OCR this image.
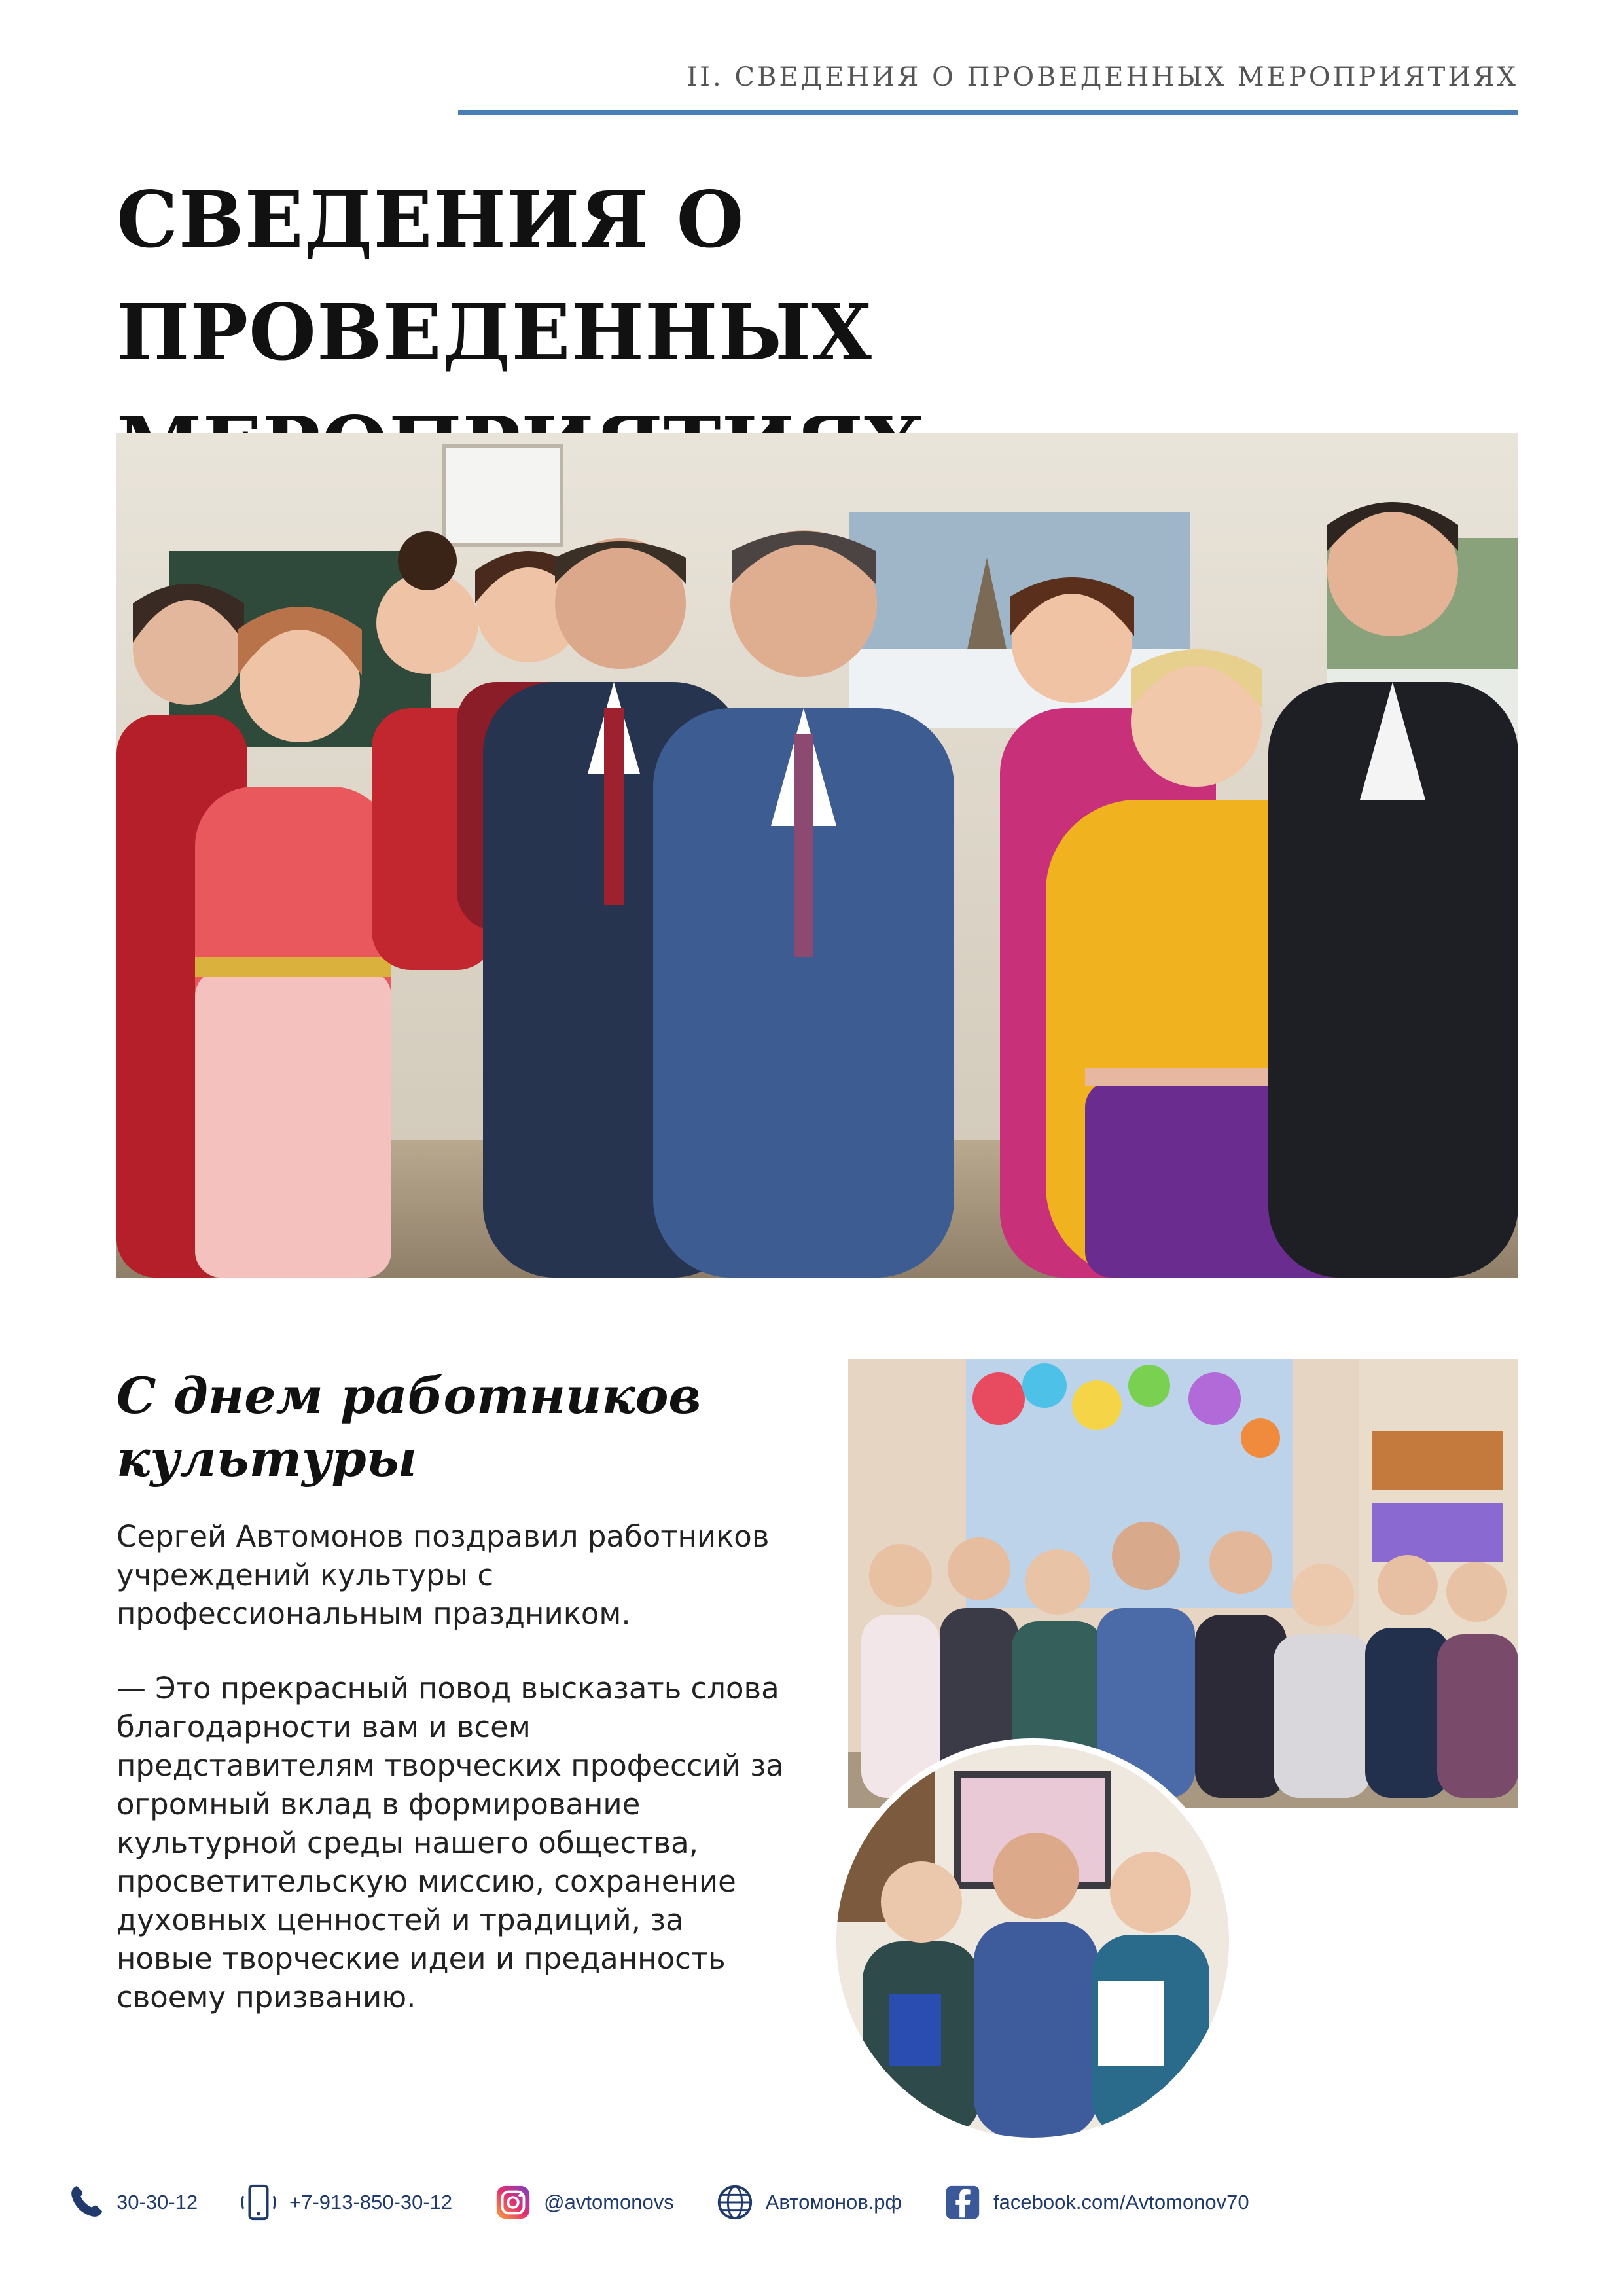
II. СВЕДЕНИЯ О ПРОВЕДЕННЫХ МЕРОПРИЯТИЯХ
СВЕДЕНИЯ О ПРОВЕДЕННЫХ
С днем работников
культуры

Сергей Автомонов поздравил работников учреждений культуры с профессиональным праздником.

— Это прекрасный повод высказать слова благодарности вам и всем представителям творческих профессий за огромный вклад в формирование культурной среды нашего общества, просветительскую миссию, сохранение духовных ценностей и традиций, за новые творческие идеи и преданность своему призванию.

30-30-12	+7-913-850-30-12	@avtomonovs	Автомонов.рф	facebook.com/Avtomonov70
